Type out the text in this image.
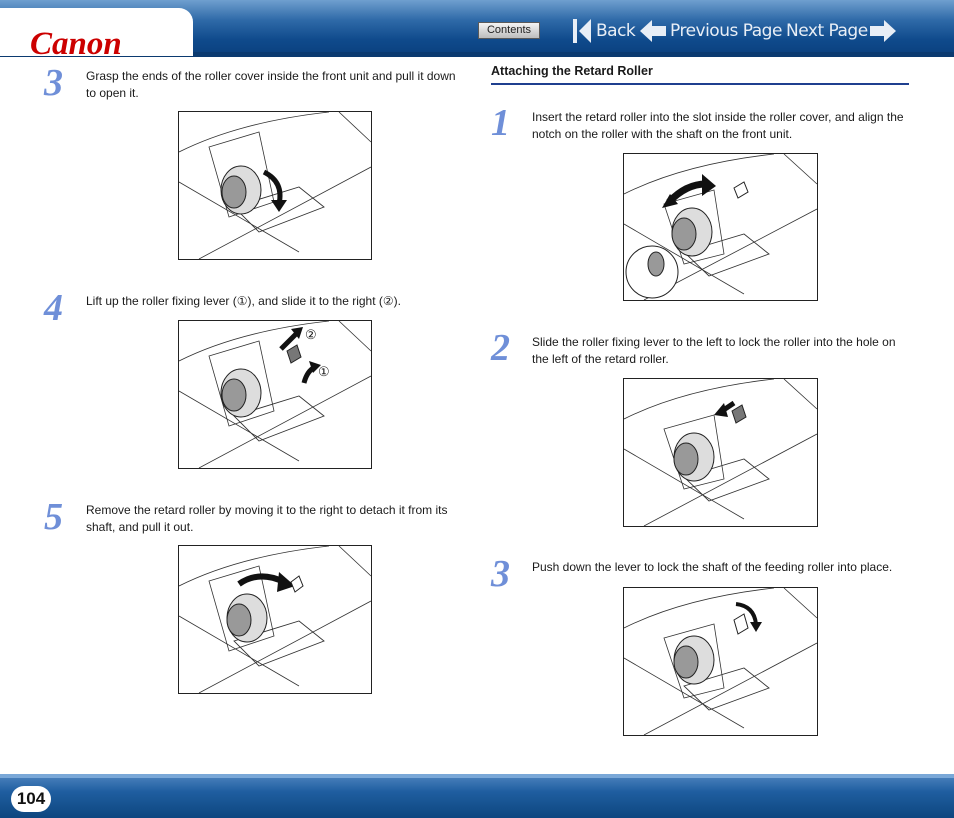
Canon	Contents	Back Previous Page Next Page
3 Grasp the ends of the roller cover inside the front unit and pull it down to open it.
4 Lift up the roller fixing lever (①), and slide it to the right (②).
②
①
5 Remove the retard roller by moving it to the right to detach it from its shaft, and pull it out.
Attaching the Retard Roller
1 Insert the retard roller into the slot inside the roller cover, and align the notch on the roller with the shaft on the front unit.
2 Slide the roller fixing lever to the left to lock the roller into the hole on the left of the retard roller.
3 Push down the lever to lock the shaft of the feeding roller into place.
104
